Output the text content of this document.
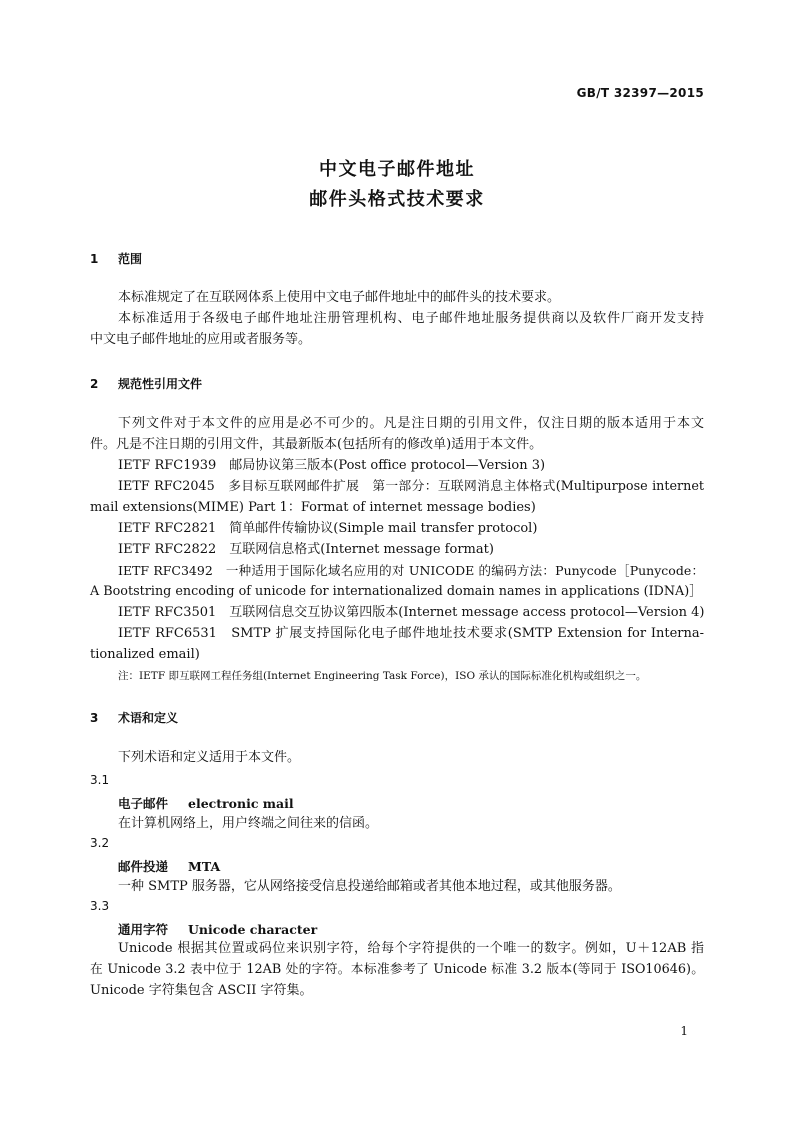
GB/T 32397—2015
中文电子邮件地址
邮件头格式技术要求
1 范围
本标准规定了在互联网体系上使用中文电子邮件地址中的邮件头的技术要求。
本标准适用于各级电子邮件地址注册管理机构、电子邮件地址服务提供商以及软件厂商开发支持
中文电子邮件地址的应用或者服务等。
2 规范性引用文件
下列文件对于本文件的应用是必不可少的。凡是注日期的引用文件，仅注日期的版本适用于本文
件。凡是不注日期的引用文件，其最新版本(包括所有的修改单)适用于本文件。
IETF RFC1939　邮局协议第三版本(Post office protocol—Version 3)
IETF RFC2045　多目标互联网邮件扩展　第一部分：互联网消息主体格式(Multipurpose internet
mail extensions(MIME) Part 1：Format of internet message bodies)
IETF RFC2821　简单邮件传输协议(Simple mail transfer protocol)
IETF RFC2822　互联网信息格式(Internet message format)
IETF RFC3492　一种适用于国际化域名应用的对 UNICODE 的编码方法：Punycode［Punycode：
A Bootstring encoding of unicode for internationalized domain names in applications (IDNA)］
IETF RFC3501　互联网信息交互协议第四版本(Internet message access protocol—Version 4)
IETF RFC6531　SMTP 扩展支持国际化电子邮件地址技术要求(SMTP Extension for Interna-
tionalized email)
注：IETF 即互联网工程任务组(Internet Engineering Task Force)，ISO 承认的国际标准化机构或组织之一。
3 术语和定义
下列术语和定义适用于本文件。
3.1
电子邮件 electronic mail
在计算机网络上，用户终端之间往来的信函。
3.2
邮件投递 MTA
一种 SMTP 服务器，它从网络接受信息投递给邮箱或者其他本地过程，或其他服务器。
3.3
通用字符 Unicode character
Unicode 根据其位置或码位来识别字符，给每个字符提供的一个唯一的数字。例如，U＋12AB 指
在 Unicode 3.2 表中位于 12AB 处的字符。本标准参考了 Unicode 标准 3.2 版本(等同于 ISO10646)。
Unicode 字符集包含 ASCII 字符集。
1
